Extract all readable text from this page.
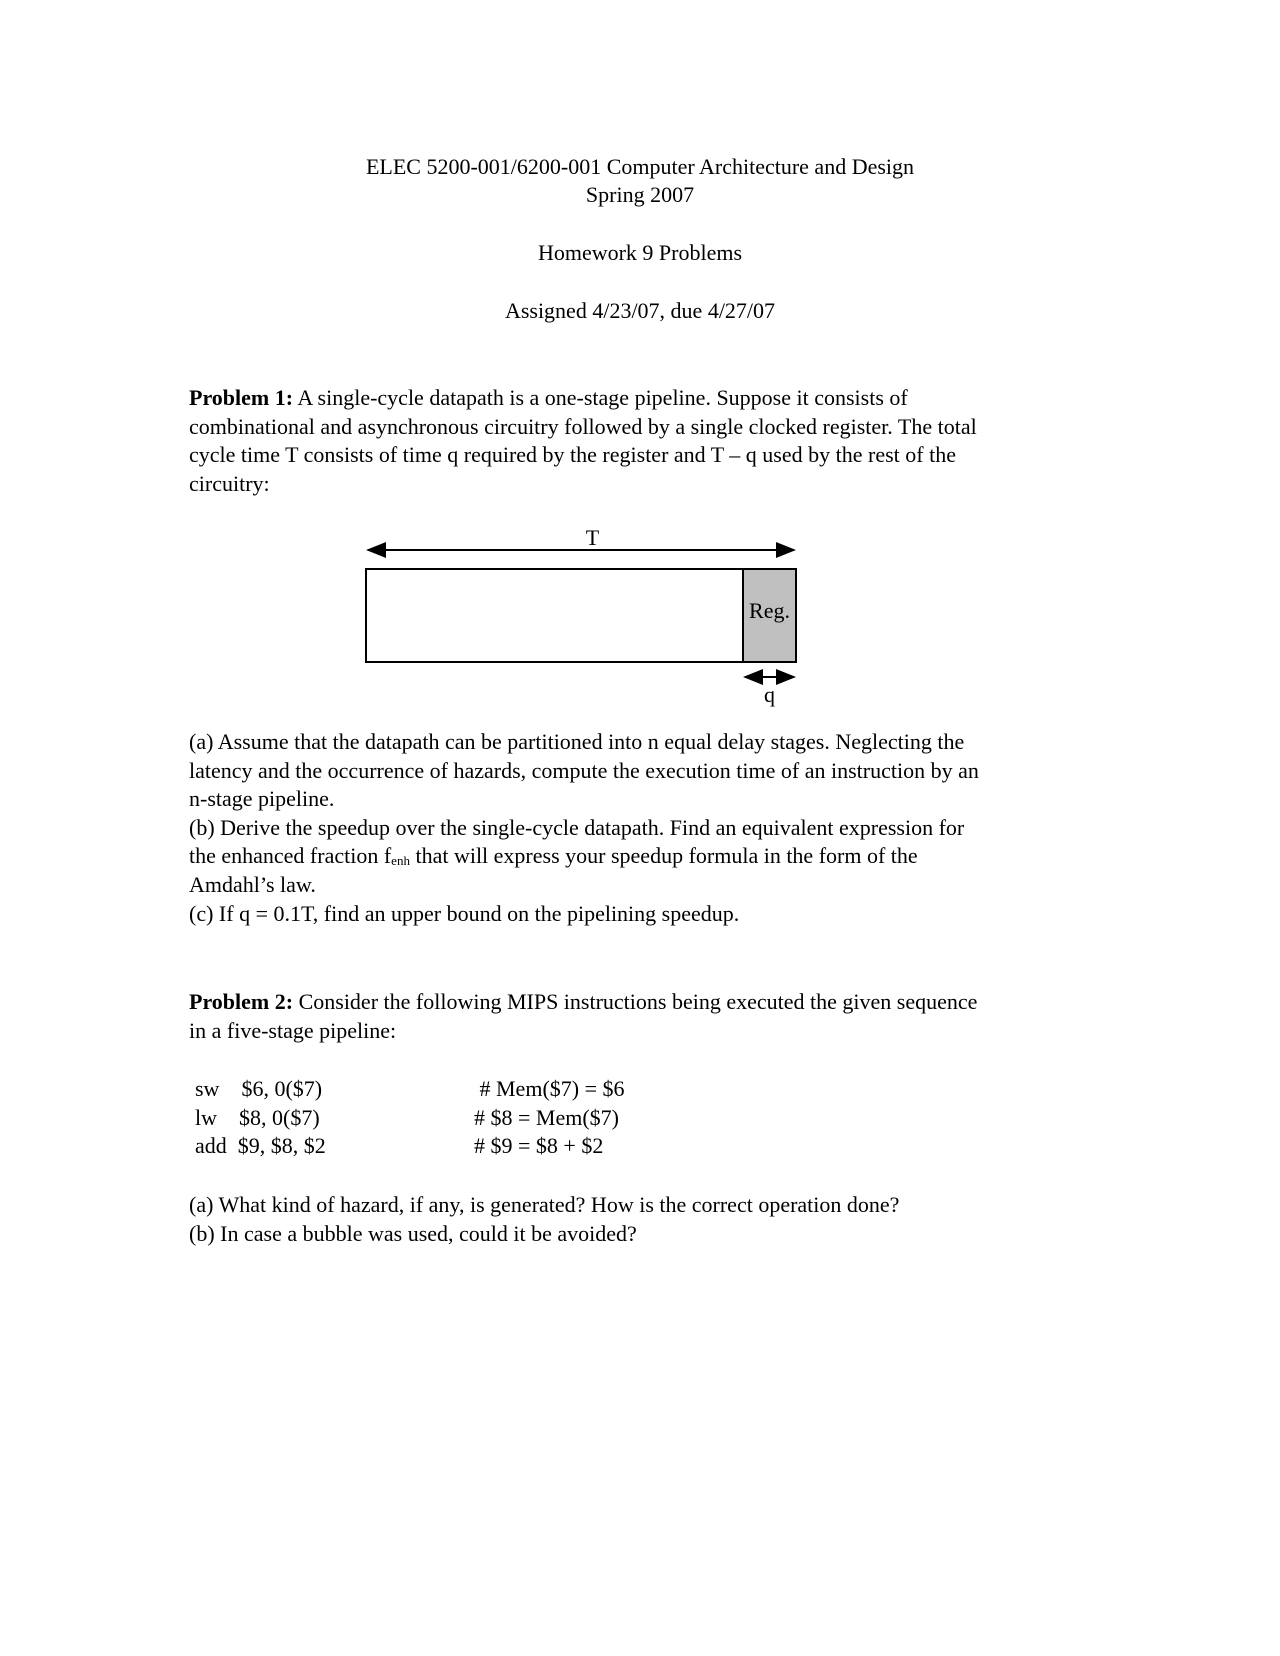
ELEC 5200-001/6200-001 Computer Architecture and Design
Spring 2007
Homework 9 Problems
Assigned 4/23/07, due 4/27/07
Problem 1: A single-cycle datapath is a one-stage pipeline. Suppose it consists of
combinational and asynchronous circuitry followed by a single clocked register. The total
cycle time T consists of time q required by the register and T – q used by the rest of the
circuitry:
T
Reg.
q
(a) Assume that the datapath can be partitioned into n equal delay stages. Neglecting the
latency and the occurrence of hazards, compute the execution time of an instruction by an
n-stage pipeline.
(b) Derive the speedup over the single-cycle datapath. Find an equivalent expression for
the enhanced fraction $f_{enh}$ that will express your speedup formula in the form of the
Amdahl’s law.
(c) If q = 0.1T, find an upper bound on the pipelining speedup.
Problem 2: Consider the following MIPS instructions being executed the given sequence
in a five-stage pipeline:
sw    $6, 0($7)
lw    $8, 0($7)
add  $9, $8, $2
# Mem($7) = $6
# $8 = Mem($7)
# $9 = $8 + $2
(a) What kind of hazard, if any, is generated? How is the correct operation done?
(b) In case a bubble was used, could it be avoided?
